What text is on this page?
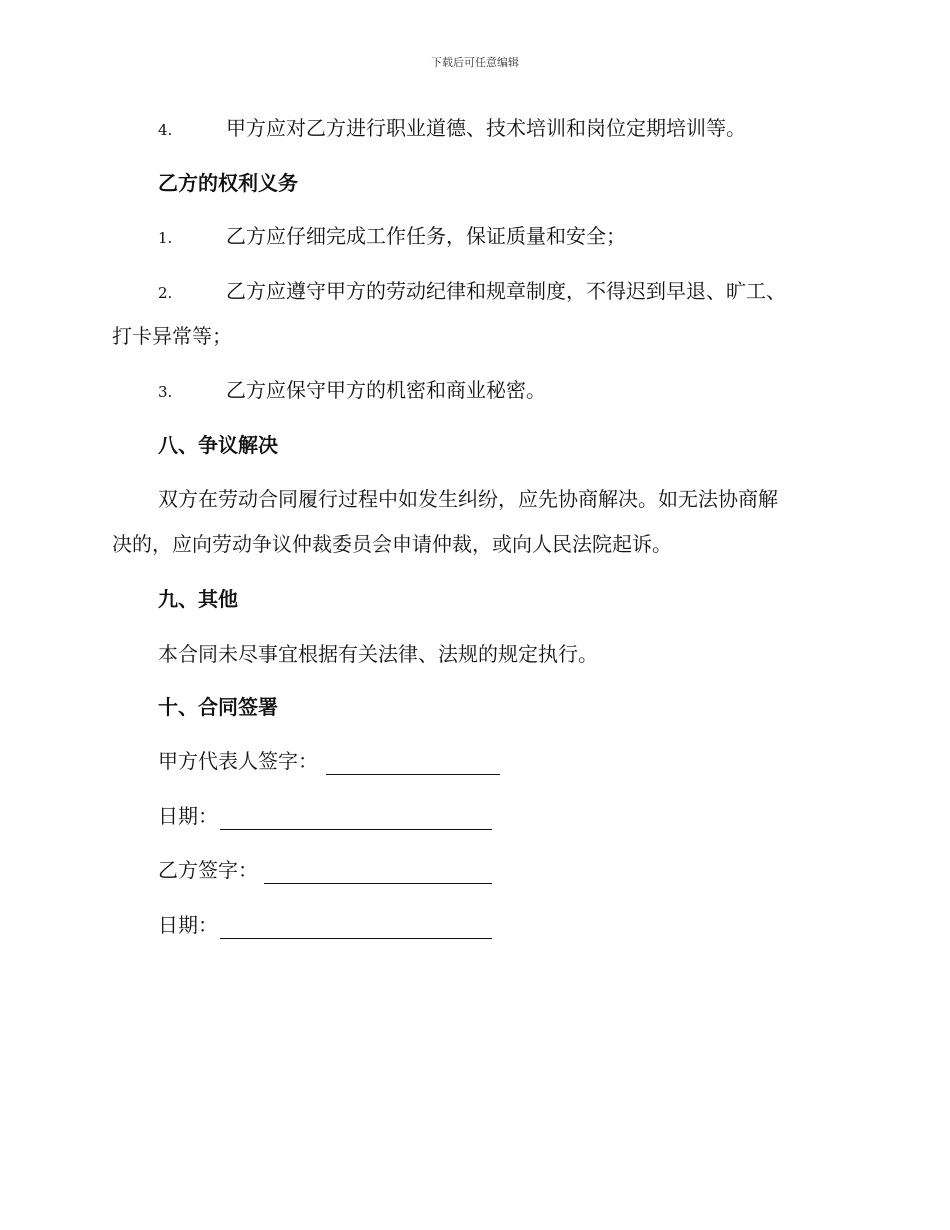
下载后可任意编辑
4.	甲方应对乙方进行职业道德、技术培训和岗位定期培训等。
乙方的权利义务
1.	乙方应仔细完成工作任务，保证质量和安全；
2.	乙方应遵守甲方的劳动纪律和规章制度，不得迟到早退、旷工、
打卡异常等；
3.	乙方应保守甲方的机密和商业秘密。
八、争议解决
双方在劳动合同履行过程中如发生纠纷，应先协商解决。如无法协商解
决的，应向劳动争议仲裁委员会申请仲裁，或向人民法院起诉。
九、其他
本合同未尽事宜根据有关法律、法规的规定执行。
十、合同签署
甲方代表人签字：
日期：
乙方签字：
日期：
